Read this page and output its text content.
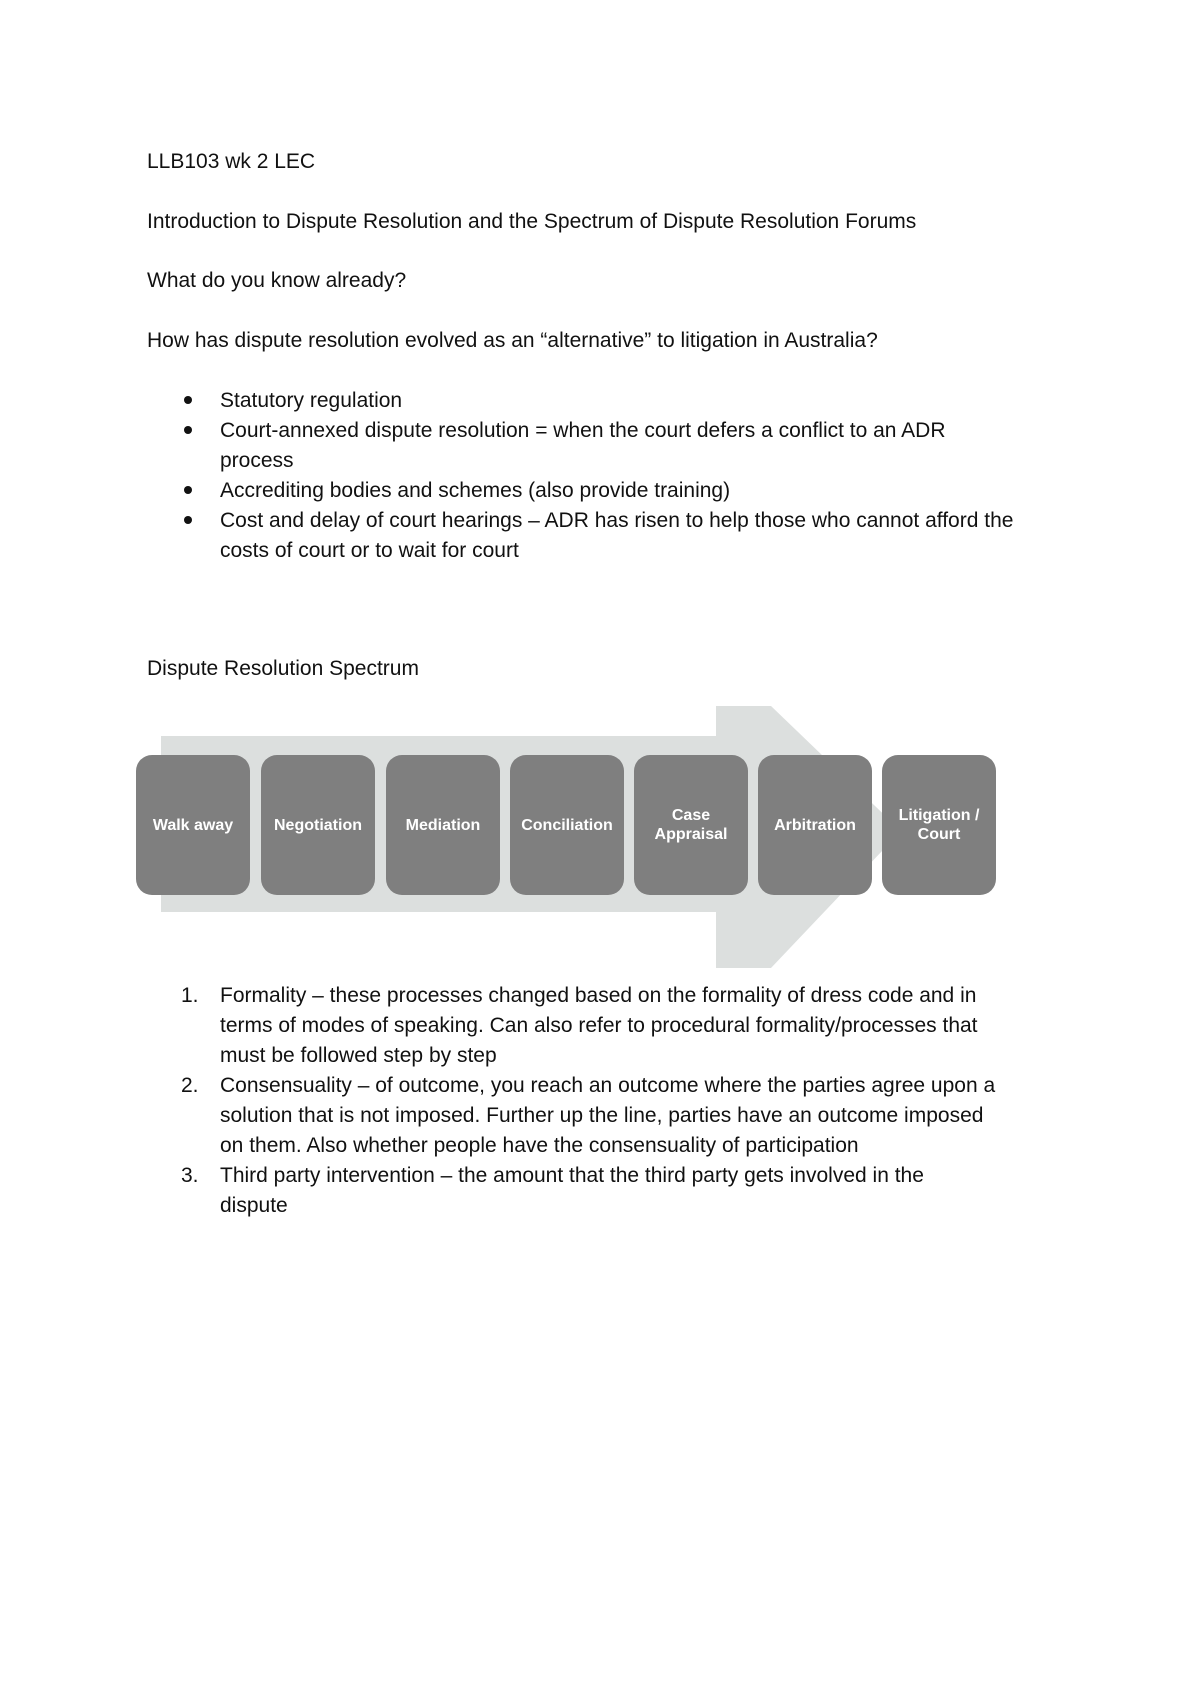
LLB103 wk 2 LEC

Introduction to Dispute Resolution and the Spectrum of Dispute Resolution Forums

What do you know already?

How has dispute resolution evolved as an “alternative” to litigation in Australia?

Statutory regulation
Court-annexed dispute resolution = when the court defers a conflict to an ADR
process
Accrediting bodies and schemes (also provide training)
Cost and delay of court hearings – ADR has risen to help those who cannot afford the
costs of court or to wait for court

Dispute Resolution Spectrum

Walk away	Negotiation	Mediation	Conciliation
Case
Appraisal
Arbitration
Litigation /
Court
1. Formality – these processes changed based on the formality of dress code and in
terms of modes of speaking. Can also refer to procedural formality/processes that
must be followed step by step
2. Consensuality – of outcome, you reach an outcome where the parties agree upon a
solution that is not imposed. Further up the line, parties have an outcome imposed
on them. Also whether people have the consensuality of participation
3. Third party intervention – the amount that the third party gets involved in the
dispute
